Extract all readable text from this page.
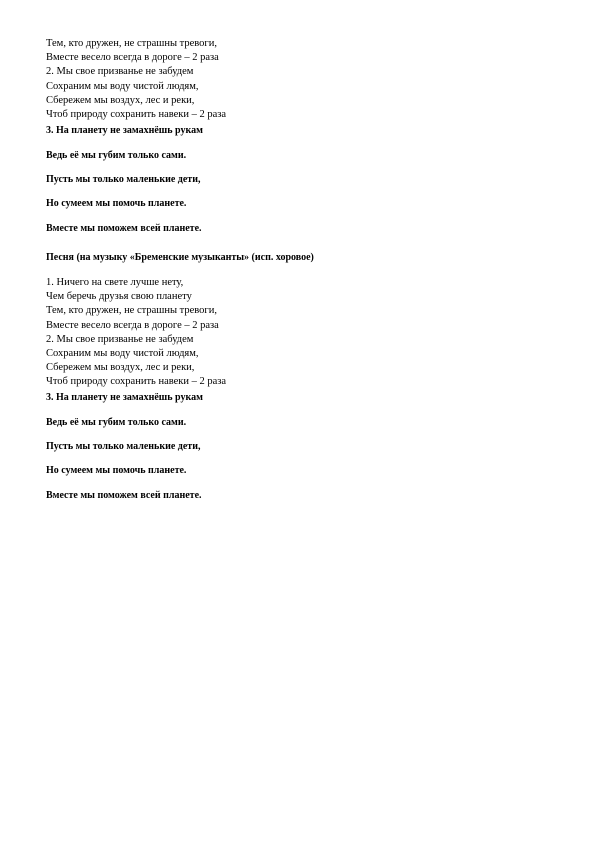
Тем, кто дружен, не страшны тревоги,
Вместе весело всегда в дороге – 2 раза
2. Мы свое призванье не забудем
Сохраним мы воду чистой людям,
Сбережем мы воздух, лес и реки,
Чтоб природу сохранить навеки – 2 раза
3. На планету не замахнёшь рукам
Ведь её мы губим только сами.
Пусть мы только маленькие дети,
Но сумеем мы помочь планете.
Вместе мы поможем всей планете.
Песня (на музыку «Бременские музыканты» (исп. хоровое)
1. Ничего на свете лучше нету,
Чем беречь друзья свою планету
Тем, кто дружен, не страшны тревоги,
Вместе весело всегда в дороге – 2 раза
2. Мы свое призванье не забудем
Сохраним мы воду чистой людям,
Сбережем мы воздух, лес и реки,
Чтоб природу сохранить навеки – 2 раза
3. На планету не замахнёшь рукам
Ведь её мы губим только сами.
Пусть мы только маленькие дети,
Но сумеем мы помочь планете.
Вместе мы поможем всей планете.
